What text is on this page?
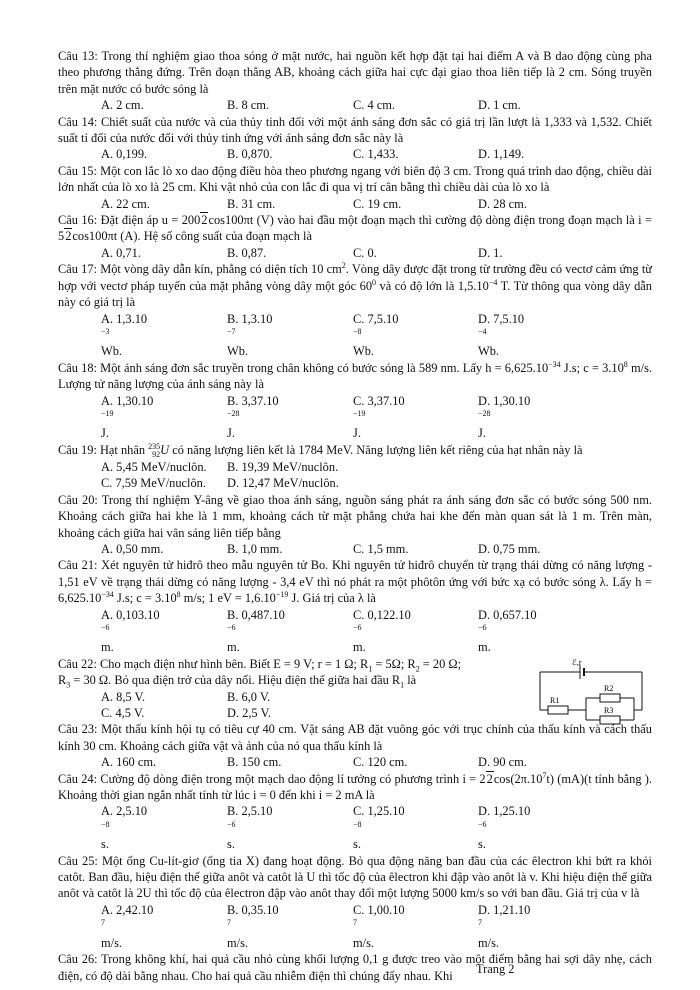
Câu 13: Trong thí nghiệm giao thoa sóng ở mặt nước, hai nguồn kết hợp đặt tại hai điểm A và B dao động cùng pha theo phương thẳng đứng. Trên đoạn thẳng AB, khoảng cách giữa hai cực đại giao thoa liên tiếp là 2 cm. Sóng truyền trên mặt nước có bước sóng là

A. 2 cm.	B. 8 cm.	C. 4 cm.	D. 1 cm.

Câu 14: Chiết suất của nước và của thủy tinh đối với một ánh sáng đơn sắc có giá trị lần lượt là 1,333 và 1,532. Chiết suất tỉ đối của nước đối với thủy tinh ứng với ánh sáng đơn sắc này là

A. 0,199.	B. 0,870.	C. 1,433.	D. 1,149.

Câu 15: Một con lắc lò xo dao động điều hòa theo phương ngang với biên độ 3 cm. Trong quá trình dao động, chiều dài lớn nhất của lò xo là 25 cm. Khi vật nhỏ của con lắc đi qua vị trí cân bằng thì chiều dài của lò xo là

A. 22 cm.	B. 31 cm.	C. 19 cm.	D. 28 cm.

Câu 16: Đặt điện áp u = 2002cos100πt (V) vào hai đầu một đoạn mạch thì cường độ dòng điện trong đoạn mạch là i = 52cos100πt (A). Hệ số công suất của đoạn mạch là

A. 0,71.	B. 0,87.	C. 0.	D. 1.

Câu 17: Một vòng dây dẫn kín, phẳng có diện tích 10 $cm^2$. Vòng dây được đặt trong từ trường đều có vectơ cảm ứng từ hợp với vectơ pháp tuyến của mặt phẳng vòng dây một góc $60^0$ và có độ lớn là $1,5.10^{-4}$ T. Từ thông qua vòng dây dẫn này có giá trị là

A. $1,3.10^{-3}Wb$.
B. $1,3.10^{-7}Wb$.
C. $7,5.10^{-8}Wb$.
D. $7,5.10^{-4}Wb$.

Câu 18: Một ánh sáng đơn sắc truyền trong chân không có bước sóng là 589 nm. Lấy $h = 6,625.10^{-34}$ J.s; $c = 3.10^8$ m/s. Lượng tử năng lượng của ánh sáng này là

A. $1,30.10^{-19}J$.
B. $3,37.10^{-28}J$.
C. $3,37.10^{-19}J$.
D. $1,30.10^{-28}J$.

Câu 19: Hạt nhân 235
92 U có năng lượng liên kết là 1784 MeV. Năng lượng liên kết riêng của hạt nhân này là

A. 5,45 MeV/nuclôn.	B. 19,39 MeV/nuclôn.
C. 7,59 MeV/nuclôn.	D. 12,47 MeV/nuclôn.

Câu 20: Trong thí nghiệm Y-âng về giao thoa ánh sáng, nguồn sáng phát ra ánh sáng đơn sắc có bước sóng 500 nm. Khoảng cách giữa hai khe là 1 mm, khoảng cách từ mặt phẳng chứa hai khe đến màn quan sát là 1 m. Trên màn, khoảng cách giữa hai vân sáng liên tiếp bằng

A. 0,50 mm.	B. 1,0 mm.	C. 1,5 mm.	D. 0,75 mm.

Câu 21: Xét nguyên tử hiđrô theo mẫu nguyên tử Bo. Khi nguyên tử hiđrô chuyển từ trạng thái dừng có năng lượng - 1,51 eV về trạng thái dừng có năng lượng - 3,4 eV thì nó phát ra một phôtôn ứng với bức xạ có bước sóng λ. Lấy $h = 6,625.10^{-34}$ J.s; $c = 3.10^8$ m/s; 1 eV = $1,6.10^{-19}$ J. Giá trị của λ là

A. $0,103.10^{-6}m$.
B. $0,487.10^{-6}m$.
C. $0,122.10^{-6}m$.
D. $0,657.10^{-6}m$.

Câu 22: Cho mạch điện như hình bên. Biết E = 9 V; r = 1 Ω; $R_1 = 5\Omega$; $R_2 = 20$ Ω;
$R_3 = 30$ Ω. Bỏ qua điện trở của dây nối. Hiệu điện thế giữa hai đầu $R_1$ là

A. 8,5 V.	B. 6,0 V.
C. 4,5 V.	D. 2,5 V.
ℰ,r
R1
R2
R3

Câu 23: Một thấu kính hội tụ có tiêu cự 40 cm. Vật sáng AB đặt vuông góc với trục chính của thấu kính và cách thấu kính 30 cm. Khoảng cách giữa vật và ảnh của nó qua thấu kính là

A. 160 cm.	B. 150 cm.	C. 120 cm.	D. 90 cm.

Câu 24: Cường độ dòng điện trong một mạch dao động lí tưởng có phương trình $i = 22\cos(2\pi.10^7t)$ (mA)(t tính bằng ). Khoảng thời gian ngắn nhất tính từ lúc i = 0 đến khi i = 2 mA là

A. $2,5.10^{-8}s$.
B. $2,5.10^{-6}s$.
C. $1,25.10^{-8}s$.
D. $1,25.10^{-6}s$.

Câu 25: Một ống Cu-lít-giơ (ống tia X) đang hoạt động. Bỏ qua động năng ban đầu của các êlectron khi bứt ra khỏi catôt. Ban đầu, hiệu điện thế giữa anôt và catôt là U thì tốc độ của êlectron khi đập vào anôt là v. Khi hiệu điện thế giữa anôt và catôt là 2U thì tốc độ của êlectron đập vào anôt thay đổi một lượng 5000 km/s so với ban đầu. Giá trị của v là

A. 2,42.10$^7$m/s.
B. 0,35.10$^7$m/s.
C. 1,00.10$^7$m/s.
D. 1,21.10$^7$m/s.

Câu 26: Trong không khí, hai quả cầu nhỏ cùng khối lượng 0,1 g được treo vào một điểm bằng hai sợi dây nhẹ, cách điện, có độ dài bằng nhau. Cho hai quả cầu nhiễm điện thì chúng đẩy nhau. Khi	Trang 2
